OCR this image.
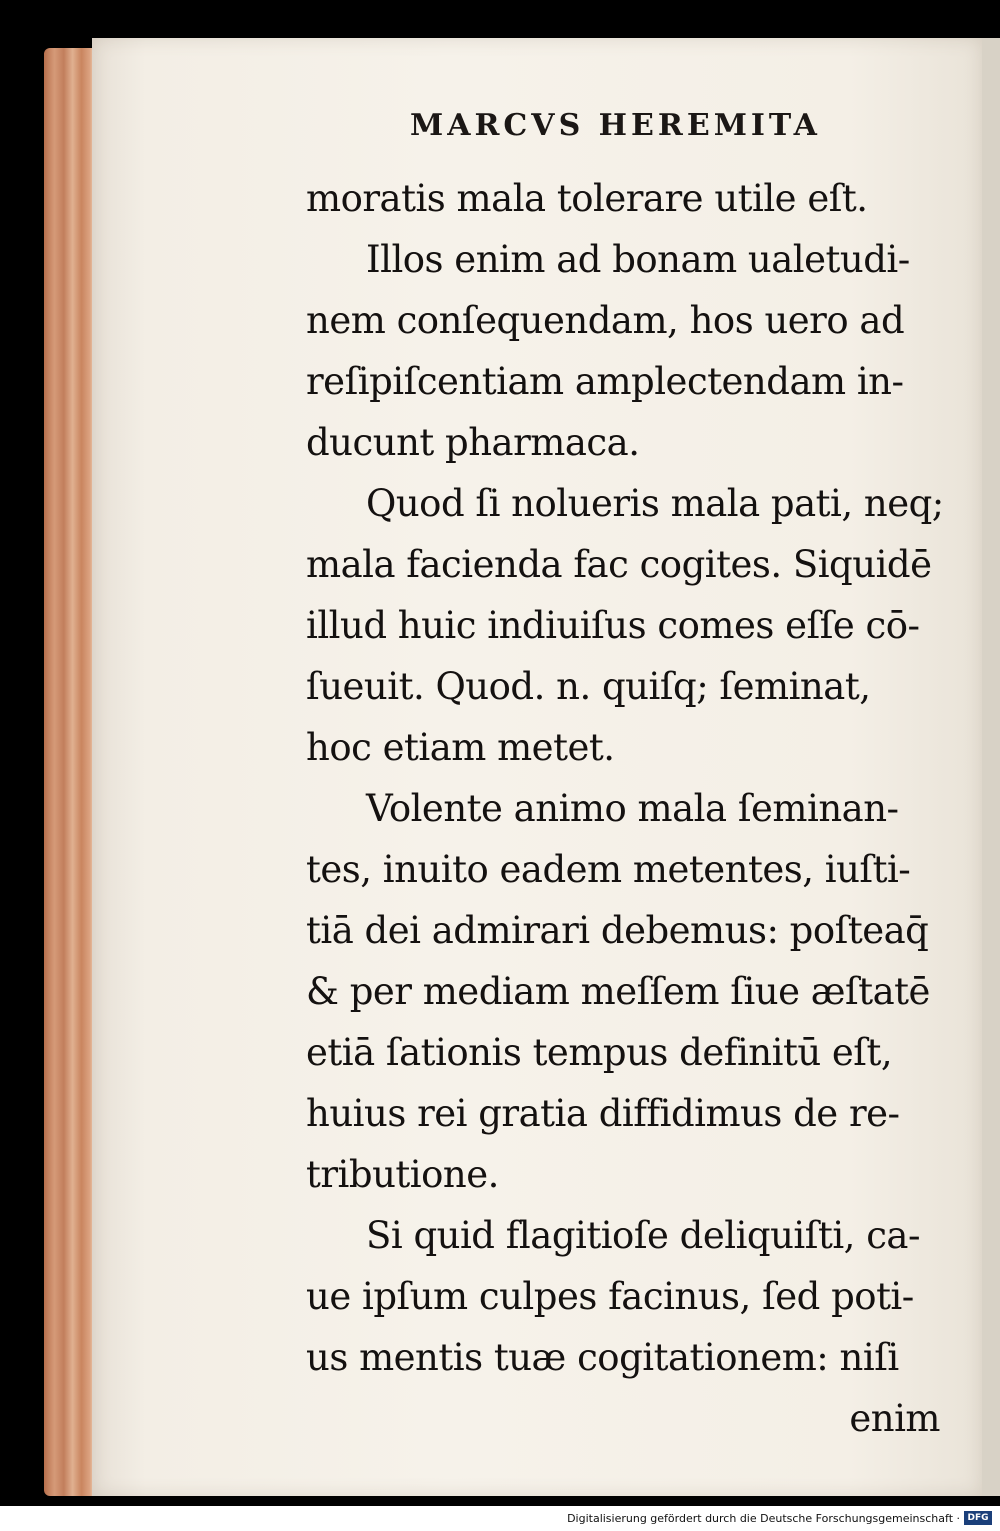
MARCVS HEREMITA
moratis mala tolerare utile eſt.
Illos enim ad bonam ualetudi‑
nem conſequendam, hos uero ad
reſipiſcentiam amplectendam in‑
ducunt pharmaca.
Quod ſi nolueris mala pati, neq;
mala facienda fac cogites. Siquidē
illud huic indiuiſus comes eſſe cō‑
ſueuit. Quod. n. quiſq; ſeminat,
hoc etiam metet.
Volente animo mala ſeminan‑
tes, inuito eadem metentes, iuſti‑
tiā dei admirari debemus: poſteaq̄
& per mediam meſſem ſiue æſtatē
etiā ſationis tempus definitū eſt,
huius rei gratia diffidimus de re‑
tributione.
Si quid flagitioſe deliquiſti, ca‑
ue ipſum culpes facinus, ſed poti‑
us mentis tuæ cogitationem: niſi
enim
Digitalisierung gefördert durch die Deutsche Forschungsgemeinschaft · DFG
